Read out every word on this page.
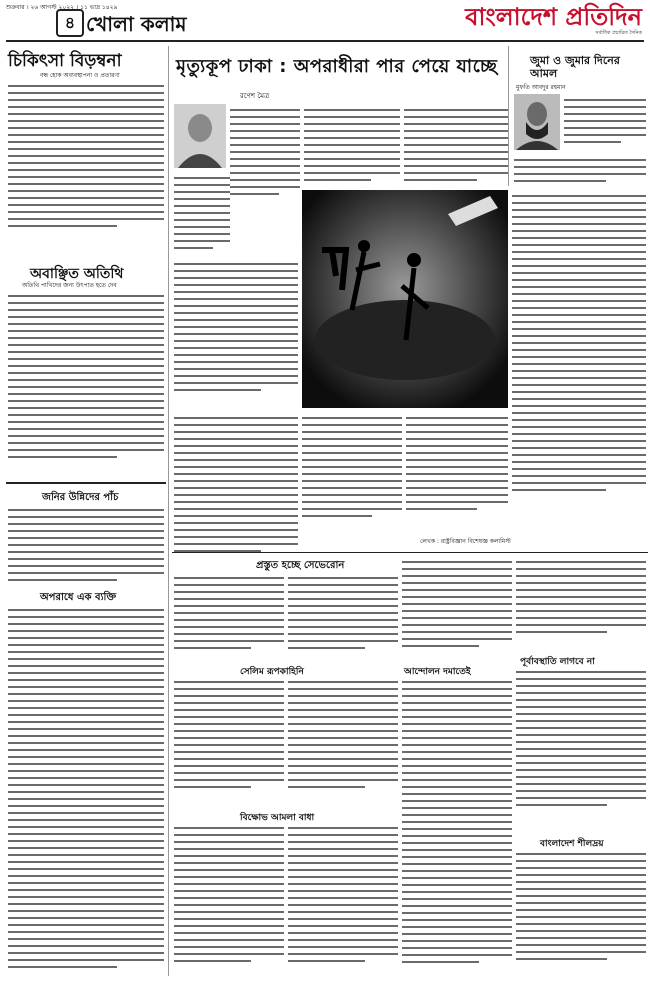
শুক্রবার । ২৬ আগস্ট ২০২২ । ১১ ভাদ্র ১৪২৯
৪ খোলা কলাম	বাংলাদেশ প্রতিদিন
সর্বাধিক প্রচারিত দৈনিক
চিকিৎসা বিড়ম্বনা
বন্ধ হোক অব্যবস্থাপনা ও প্রতারণা
অবাঞ্ছিত অতিথি
অতিথি পাখিদের জন্য উৎপাত হতে দেব
জনির উন্নিদের পাঁচ
অপরাধে এক ব্যক্তি
মৃত্যুকূপ ঢাকা : অপরাধীরা পার পেয়ে যাচ্ছে
রণেশ মৈত্র
লেখক : রাষ্ট্রবিজ্ঞান বিশেষজ্ঞ কলামিস্ট
জুমা ও জুমার দিনের আমল
মুফতি আবদুর রহমান
প্রস্তুত হচ্ছে সেভেরোন
পূর্বাবস্থাতি লাগবে না
সেলিম রূপকাহিনি	আন্দোলন দমাতেই
বিক্ষোভ আমলা বাধা
বাংলাদেশ শীলদ্রয়
